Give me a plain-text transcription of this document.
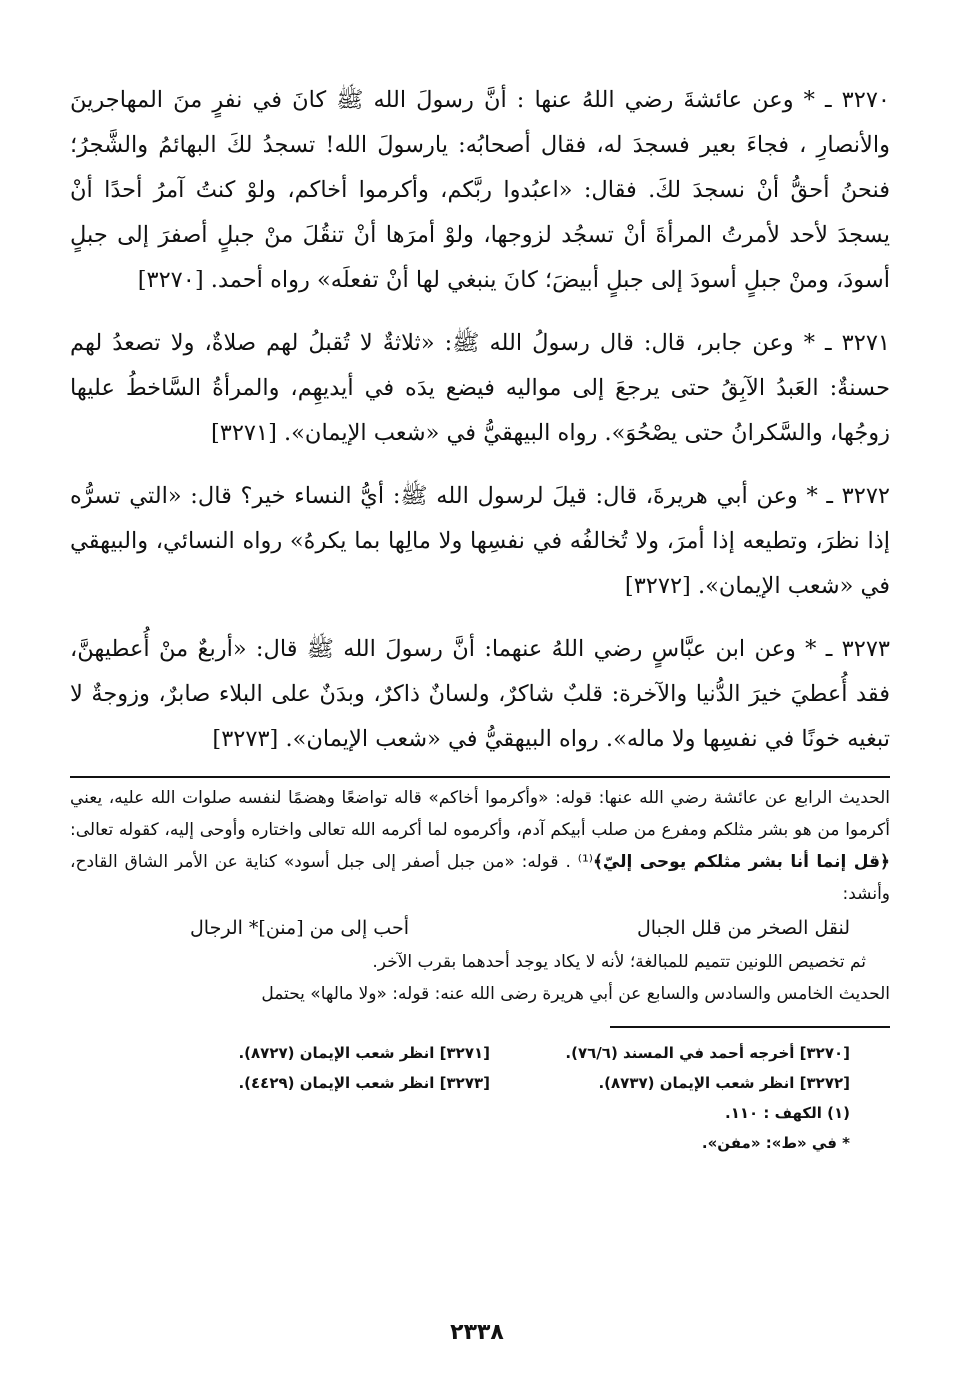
٣٢٧٠ ـ * وعن عائشةَ رضي اللهُ عنها : أنَّ رسولَ الله ﷺ كانَ في نفرٍ منَ المهاجرينَ والأنصارِ ، فجاءَ بعير فسجدَ له، فقال أصحابُه: يارسولَ الله! تسجدُ لكَ البهائمُ والشَّجرُ؛ فنحنُ أحقُّ أنْ نسجدَ لكَ. فقال: «اعبُدوا ربَّكم، وأكرموا أخاكم، ولوْ كنتُ آمرُ أحدًا أنْ يسجدَ لأحد لأمرتُ المرأةَ أنْ تسجُد لزوجها، ولوْ أمرَها أنْ تنقُلَ منْ جبلٍ أصفرَ إلى جبلٍ أسودَ، ومنْ جبلٍ أسودَ إلى جبلٍ أبيضَ؛ كانَ ينبغي لها أنْ تفعلَه» رواه أحمد. [٣٢٧٠]

٣٢٧١ ـ * وعن جابر، قال: قال رسولُ الله ﷺ: «ثلاثةٌ لا تُقبلُ لهم صلاةٌ، ولا تصعدُ لهم حسنةٌ: العَبدُ الآبِقُ حتى يرجعَ إلى مواليه فيضع يدَه في أيديهِم، والمرأةُ السَّاخطُ عليها زوجُها، والسَّكرانُ حتى يصْحُوَ». رواه البيهقيُّ في «شعب الإيمان». [٣٢٧١]

٣٢٧٢ ـ * وعن أبي هريرةَ، قال: قيلَ لرسول الله ﷺ: أيُّ النساء خير؟ قال: «التي تسرُّه إذا نظرَ، وتطيعه إذا أمرَ، ولا تُخالفُه في نفسِها ولا مالِها بما يكرهُ» رواه النسائي، والبيهقي في «شعب الإيمان». [٣٢٧٢]

٣٢٧٣ ـ * وعن ابن عبَّاسٍ رضي اللهُ عنهما: أنَّ رسولَ الله ﷺ قال: «أربعٌ منْ أُعطيهنَّ، فقد أُعطيَ خيرَ الدُّنيا والآخرة: قلبٌ شاكرٌ، ولسانٌ ذاكرٌ، وبدَنٌ على البلاء صابرٌ، وزوجةٌ لا تبغيه خونًا في نفسِها ولا ماله». رواه البيهقيُّ في «شعب الإيمان». [٣٢٧٣]

الحديث الرابع عن عائشة رضي الله عنها: قوله: «وأكرموا أخاكم» قاله تواضعًا وهضمًا لنفسه صلوات الله عليه، يعني أكرموا من هو بشر مثلكم ومفرع من صلب أبيكم آدم، وأكرموه لما أكرمه الله تعالى واختاره وأوحى إليه، كقوله تعالى: ﴿قل إنما أنا بشر مثلكم يوحى إليّ﴾⁽¹⁾ . قوله: «من جبل أصفر إلى جبل أسود» كناية عن الأمر الشاق القادح، وأنشد:

لنقل الصخر من قلل الجبال
أحب إلى من [منن]* الرجال

ثم تخصيص اللونين تتميم للمبالغة؛ لأنه لا يكاد يوجد أحدهما بقرب الآخر.

الحديث الخامس والسادس والسابع عن أبي هريرة رضى الله عنه: قوله: «ولا مالها» يحتمل

[٣٢٧٠] أخرجه أحمد في المسند (٧٦/٦).
[٣٢٧١] انظر شعب الإيمان (٨٧٢٧).
[٣٢٧٢] انظر شعب الإيمان (٨٧٣٧).
[٣٢٧٣] انظر شعب الإيمان (٤٤٢٩).
(١) الكهف : ١١٠.
* في «ط»: «مفن».
٢٣٣٨
